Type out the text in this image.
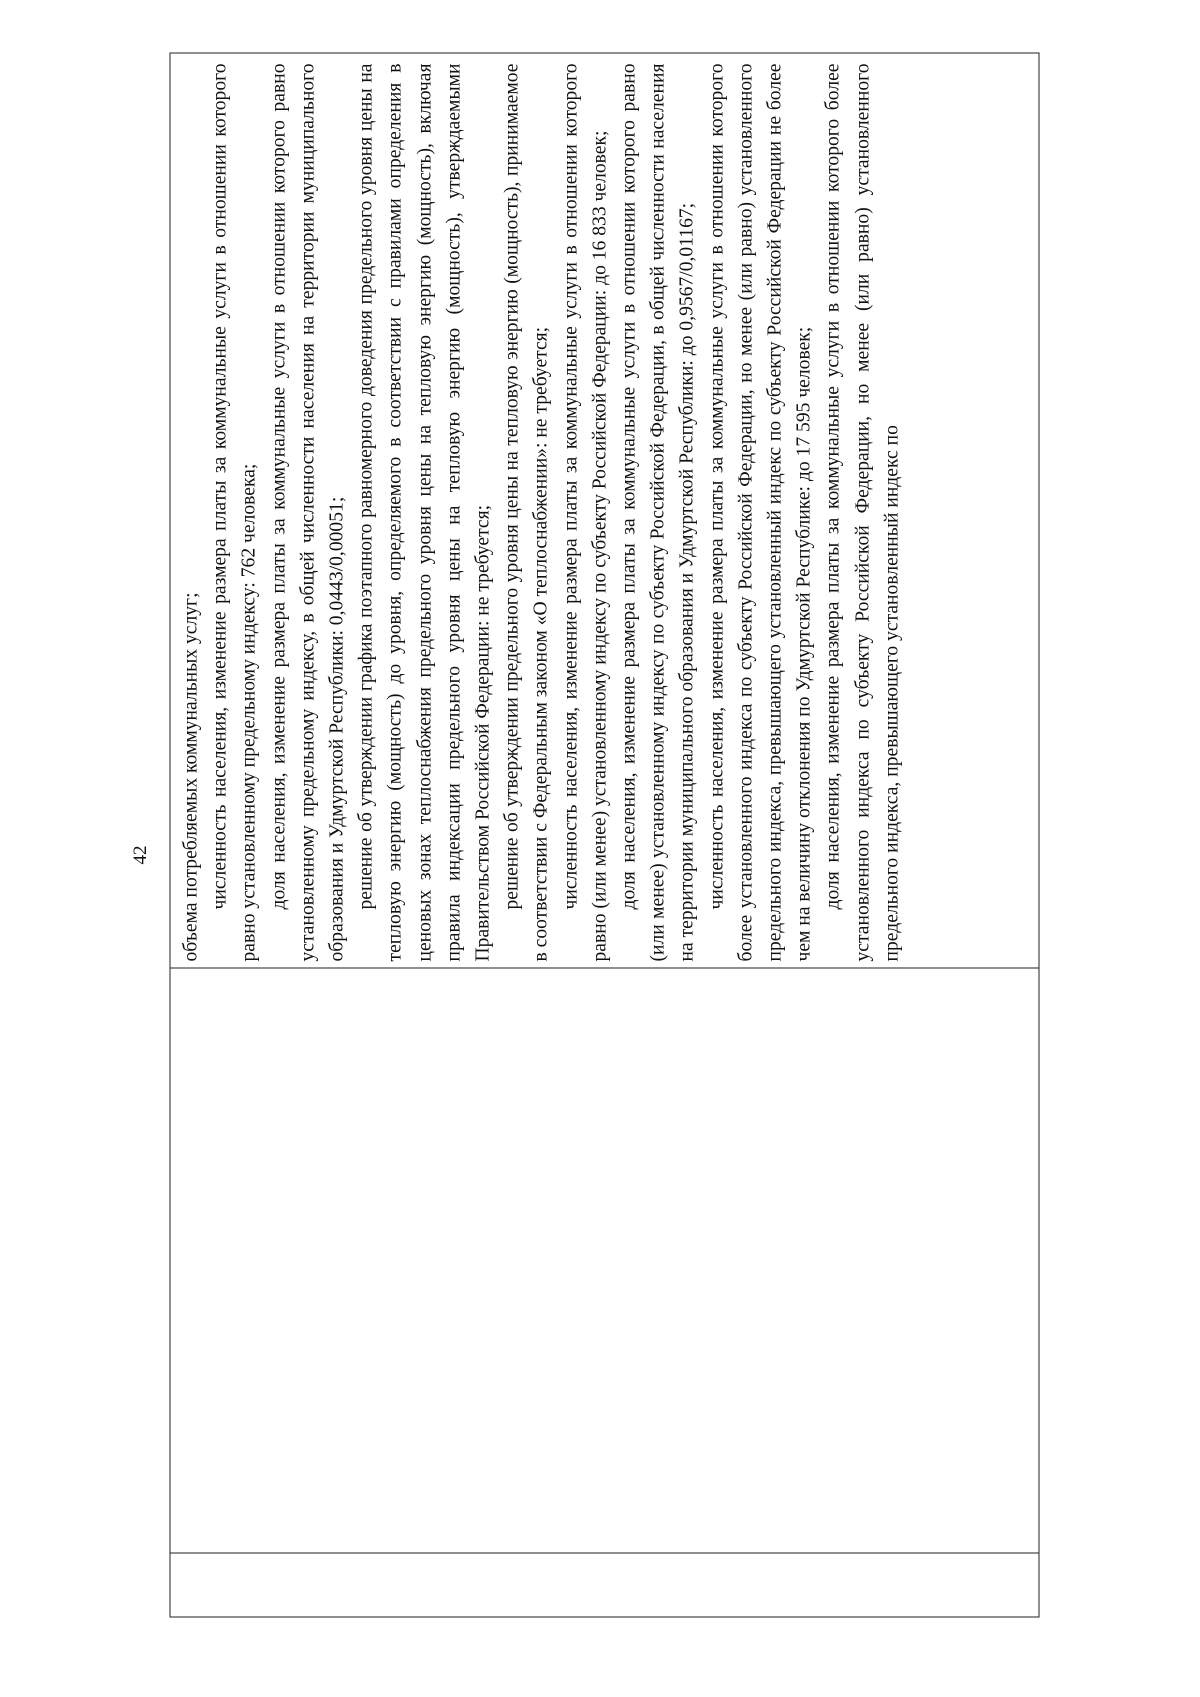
42 объема потребляемых коммунальных услуг; численность населения, изменение размера платы за коммунальные услуги в отношении которого равно установленному предельному индексу: 762 человека; доля населения, изменение размера платы за коммунальные услуги в отношении которого равно установленному предельному индексу, в общей численности населения на территории муниципального образования и Удмуртской Республики: 0,0443/0,00051; решение об утверждении графика поэтапного равномерного доведения предельного уровня цены на тепловую энергию (мощность) до уровня, определяемого в соответствии с правилами определения в ценовых зонах теплоснабжения предельного уровня цены на тепловую энергию (мощность), включая правила индексации предельного уровня цены на тепловую энергию (мощность), утверждаемыми Правительством Российской Федерации: не требуется; решение об утверждении предельного уровня цены на тепловую энергию (мощность), принимаемое в соответствии с Федеральным законом «О теплоснабжении»: не требуется; численность населения, изменение размера платы за коммунальные услуги в отношении которого равно (или менее) установленному индексу по субъекту Российской Федерации: до 16 833 человек; доля населения, изменение размера платы за коммунальные услуги в отношении которого равно (или менее) установленному индексу по субъекту Российской Федерации, в общей численности населения на территории муниципального образования и Удмуртской Республики: до 0,9567/0,01167; численность населения, изменение размера платы за коммунальные услуги в отношении которого более установленного индекса по субъекту Российской Федерации, но менее (или равно) установленного предельного индекса, превышающего установленный индекс по субъекту Российской Федерации не более чем на величину отклонения по Удмуртской Республике: до 17 595 человек; доля населения, изменение размера платы за коммунальные услуги в отношении которого более установленного индекса по субъекту Российской Федерации, но менее (или равно) установленного предельного индекса, превышающего установленный индекс по
